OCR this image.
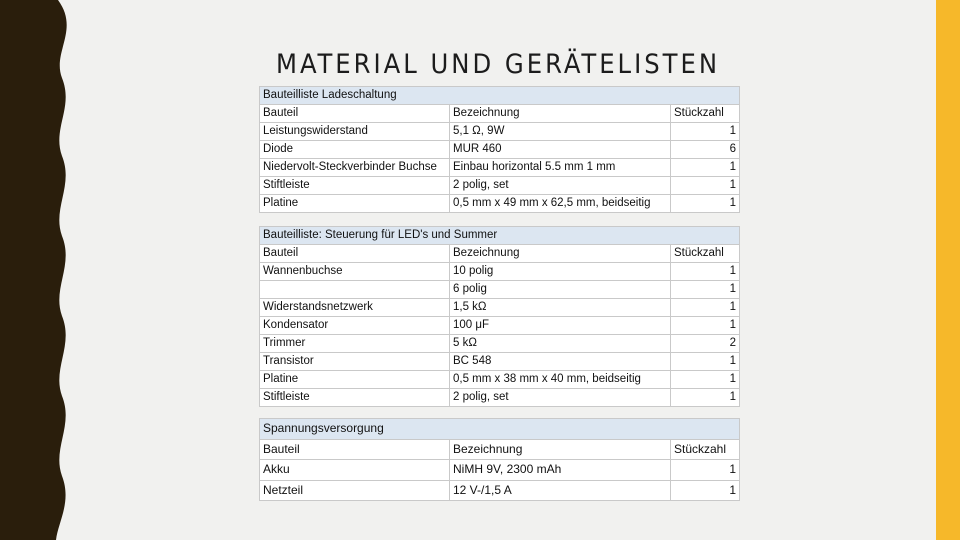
MATERIAL UND GERÄTELISTEN
Bauteilliste Ladeschaltung		
Bauteil	Bezeichnung	Stückzahl
Leistungswiderstand	5,1 Ω, 9W	1
Diode	MUR 460	6
Niedervolt-Steckverbinder Buchse	Einbau horizontal 5.5 mm 1 mm	1
Stiftleiste	2 polig, set	1
Platine	0,5 mm x 49 mm x 62,5 mm, beidseitig	1
Bauteilliste: Steuerung für LED's und Summer		
Bauteil	Bezeichnung	Stückzahl
Wannenbuchse	10 polig	1
	6 polig	1
Widerstandsnetzwerk	1,5 kΩ	1
Kondensator	100 μF	1
Trimmer	5 kΩ	2
Transistor	BC 548	1
Platine	0,5 mm x 38 mm x 40 mm, beidseitig	1
Stiftleiste	2 polig, set	1
Spannungsversorgung		
Bauteil	Bezeichnung	Stückzahl
Akku	NiMH 9V, 2300 mAh	1
Netzteil	12 V-/1,5 A	1
